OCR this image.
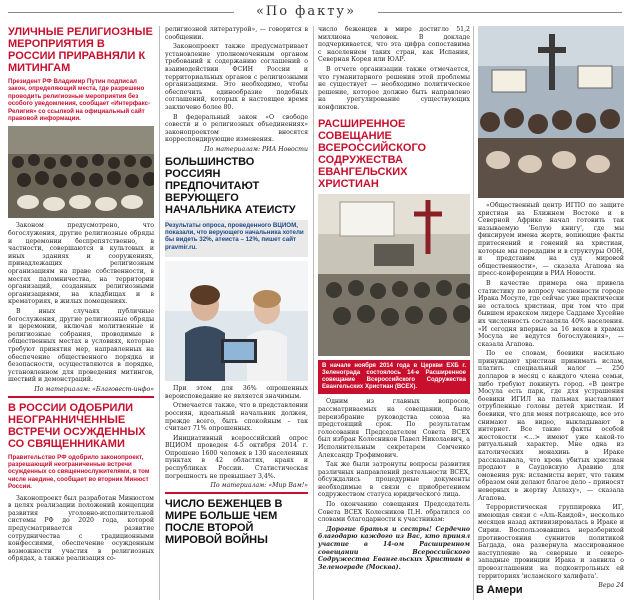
«По факту»
УЛИЧНЫЕ РЕЛИГИОЗНЫЕ МЕРОПРИЯТИЯ В РОССИИ ПРИРАВНЯЛИ К МИТИНГАМ
Президент РФ Владимир Путин подписал закон, определяющий места, где разрешено проводить религиозные мероприятия без особого уведомления, сообщает «Интерфакс-Религия» со ссылкой на официальный сайт правовой информации.

Законом предусмотрено, что богослужения, другие религиозные обряды и церемонии беспрепятственно, в частности, совершаются в культовых и иных зданиях и сооружениях, принадлежащих религиозным организациям на праве собственности, в местах паломничества, на территории организаций, созданных религиозными организациями, на кладбищах и в крематориях, в жилых помещениях.

В иных случаях публичные богослужения, другие религиозные обряды и церемонии, включая молитвенные и религиозные собрания, проводимые в общественных местах в условиях, которые требуют принятия мер, направленных на обеспечение общественного порядка и безопасности, осуществляются в порядке, установленном для проведения митингов, шествий и демонстраций.

По материалам: «Благовест-инфо»

В РОССИИ ОДОБРИЛИ НЕОГРАННИЧЕННЫЕ ВСТРЕЧИ ОСУЖДЕННЫХ СО СВЯЩЕННИКАМИ
Правительство РФ одобрило законопроект, разрешающий неограниченные встречи осужденных со священнослужителями, в том числе наедине, сообщает во вторник Минюст России.

Законопроект был разработан Минюстом в целях реализации положений концепции развития уголовно-исполнительной системы РФ до 2020 года, которой предусматривается развитие сотрудничества с традиционными конфессиями, обеспечение осужденным возможности участия в религиозных обрядах, а также реализация со-

религиозной литературой», — говорится в сообщении.

Законопроект также предусматривает установление уполномоченным органом требований к содержанию соглашений о взаимодействии ФСИН России и территориальных органов с религиозными организациями. Это необходимо, чтобы обеспечить единообразие подобных соглашений, которых в настоящее время заключено более 80.

В федеральный закон «О свободе совести и о религиозных объединениях» законопроектом вносятся корреспондирующие изменения.

По материалам: РИА Новости

БОЛЬШИНСТВО РОССИЯН ПРЕДПОЧИТАЮТ ВЕРУЮЩЕГО НАЧАЛЬНИКА АТЕИСТУ
Результаты опроса, проведенного ВЦИОМ, показали, что верующего начальника хотели бы видеть 32%, атеиста – 12%, пишет сайт pravmir.ru.

При этом для 36% опрошенных вероисповедание не является значимым.

Отмечается также, что в представлении россиян, идеальный начальник должен, прежде всего, быть спокойным – так считает 71% опрошенных.

Инициативный всероссийский опрос ВЦИОМ проведен 4-5 октября 2014 г. Опрошено 1600 человек в 130 населенных пунктах в 42 областях, краях и республиках России. Статистическая погрешность не превышает 3,4%.

По материалам: «Мир Вам!»

ЧИСЛО БЕЖЕНЦЕВ В МИРЕ БОЛЬШЕ ЧЕМ ПОСЛЕ ВТОРОЙ МИРОВОЙ ВОЙНЫ

число беженцев в мире достигло 51,2 миллиона человек. В докладе подчеркивается, что эта цифра сопоставима с населением таких стран, как Испания, Северная Корея или ЮАР.

В отчете организации также отмечается, что гуманитарного решения этой проблемы не существует — необходимо политическое решение, которое должно быть направлено на урегулирование существующих конфликтов.

РАСШИРЕННОЕ СОВЕЩАНИЕ ВСЕРОССИЙСКОГО СОДРУЖЕСТВА ЕВАНГЕЛЬСКИХ ХРИСТИАН
В начале ноября 2014 года в Церкви ЕХБ г. Зеленограда состоялось 14-е Расширенное совещание Всероссийского Содружества Евангельских Христиан (ВСЕХ).

Одним из главных вопросов, рассматриваемых на совещании, было переизбрание руководства союза на предстоящий срок. По результатам голосования Председателем Совета ВСЕХ был избран Колесников Павел Николаевич, а Исполнительным секретарем Семченко Александр Трофимович.

Так же были затронуты вопросы развития различных направлений деятельности ВСЕХ, обсуждались процедурные документы необходимые в связи с приобретением содружеством статуса юридического лица.

По окончанию совещания Председатель Совета ВСЕХ Колесников П.Н. обратился со словами благодарности к участникам:

Дорогие братья и сестры! Сердечно благодарю каждого из Вас, кто принял участие в 14-ом Расширенном совещании Всероссийского Содружества Евангельских Христиан в Зеленограде (Москва).

«Общественный центр ИГПО по защите христиан на Ближнем Востоке и в Северной Африке начал готовить так называемую 'Белую книгу', где мы фиксируем имена жертв, вопиющие факты притеснений и гонений на христиан, которые мы передадим и в структуры ООН, и представим на суд мировой общественности», — сказала Агапова на пресс-конференции в РИА Новости.

В качестве примера она привела статистику по вопросу численности городе Ирака Мосуле, где сейчас уже практически не осталось христиан, при том что при бывшем иракском лидере Саддаме Хусейне их численность составляла 40% населения. «И сегодня впервые за 16 веков в храмах Мосула не ведутся богослужения», — сказала Агапова.

По ее словам, боевики насильно принуждают христиан принимать ислам, платить специальный налог — 250 долларов в месяц с каждого члена семьи, либо требуют покинуть город. «В центре Мосула есть парк, где для устрашения боевики ИГИЛ на пальмах выставляют отрубленные головы детей христиан. И боевики, что для меня потрясающе, все это снимают на видео, выкладывают в интернет. Все такие факты особой жестокости <...> имеют уже какой-то ритуальный характер. Мне одна из католических монахинь в Ираке рассказывала, что кровь убитых христиан продают в Саудовскую Аравию для омовения рук: исламисты верят, что таким образом они делают благое дело – приносят неверных в жертву Аллаху», — сказала Агапова.

Террористическая группировка ИГ, имеющая связи с «Аль-Каидой», несколько месяцев назад активизировалась в Ираке и Сирии. Воспользовавшись неразберихой противостояния суннитов политикой Багдада, она развернула массированное наступление на северные и северо-западные провинции Ирака и заявила о провозглашении на подконтрольных ей территориях 'исламского халифата'.

Вера 24

В Амери
